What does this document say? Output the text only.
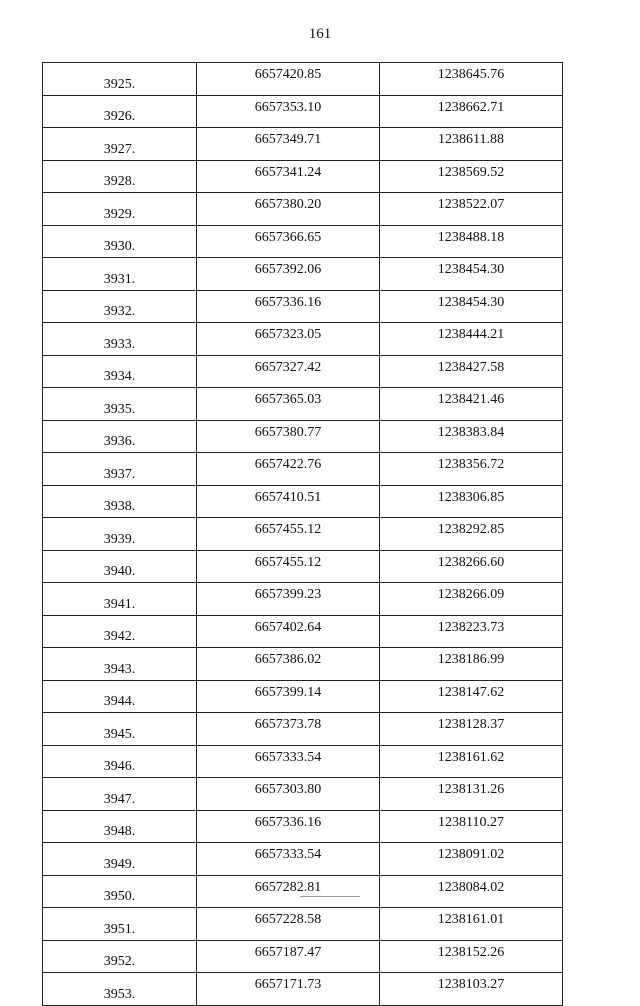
161
3925.	6657420.85	1238645.76
3926.	6657353.10	1238662.71
3927.	6657349.71	1238611.88
3928.	6657341.24	1238569.52
3929.	6657380.20	1238522.07
3930.	6657366.65	1238488.18
3931.	6657392.06	1238454.30
3932.	6657336.16	1238454.30
3933.	6657323.05	1238444.21
3934.	6657327.42	1238427.58
3935.	6657365.03	1238421.46
3936.	6657380.77	1238383.84
3937.	6657422.76	1238356.72
3938.	6657410.51	1238306.85
3939.	6657455.12	1238292.85
3940.	6657455.12	1238266.60
3941.	6657399.23	1238266.09
3942.	6657402.64	1238223.73
3943.	6657386.02	1238186.99
3944.	6657399.14	1238147.62
3945.	6657373.78	1238128.37
3946.	6657333.54	1238161.62
3947.	6657303.80	1238131.26
3948.	6657336.16	1238110.27
3949.	6657333.54	1238091.02
3950.	6657282.81	1238084.02
3951.	6657228.58	1238161.01
3952.	6657187.47	1238152.26
3953.	6657171.73	1238103.27
